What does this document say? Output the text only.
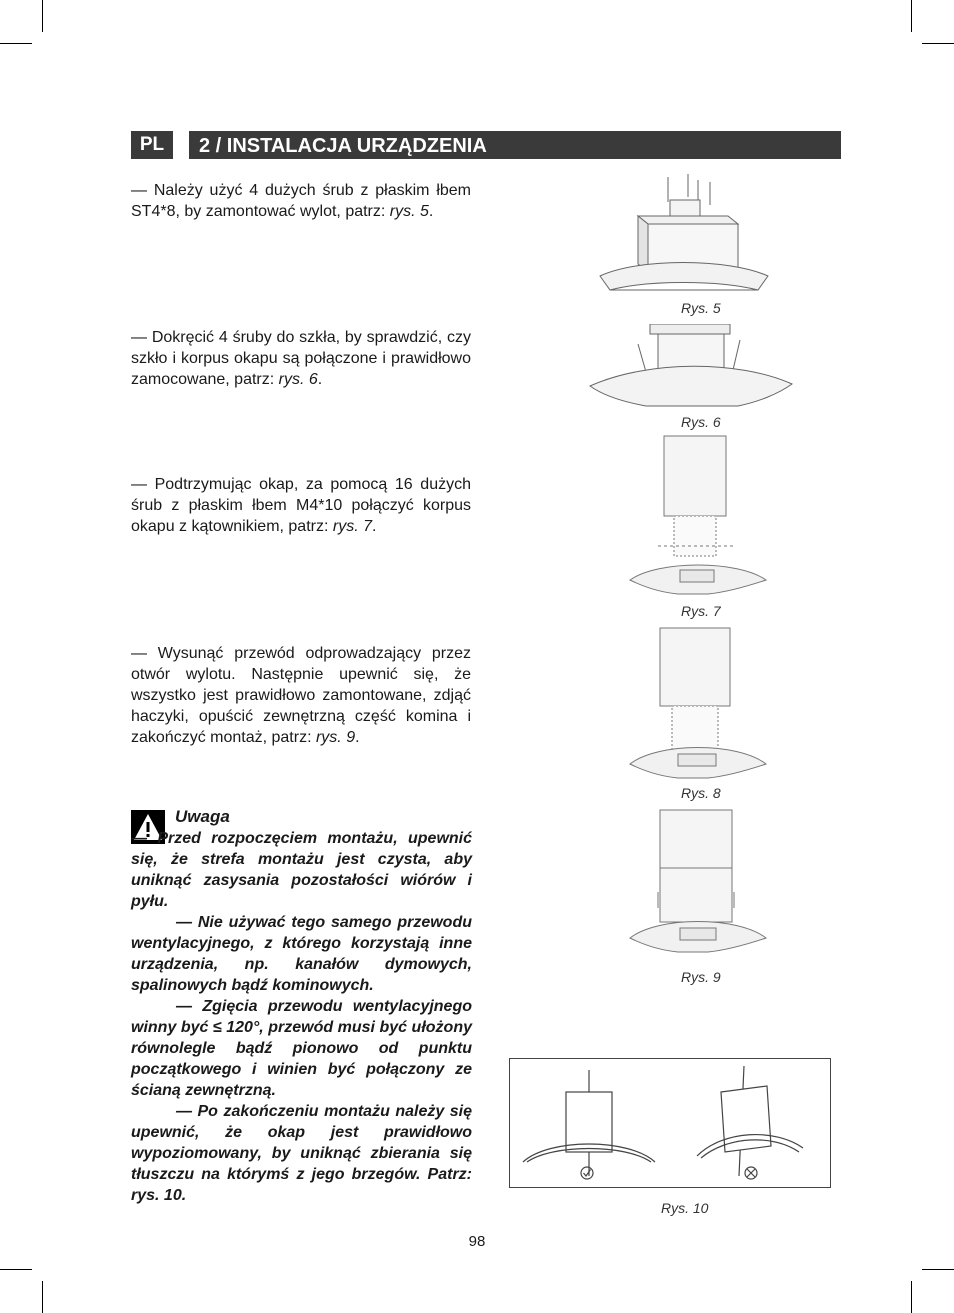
PL	2 / INSTALACJA URZĄDZENIA

— Należy użyć 4 dużych śrub z płaskim łbem ST4*8, by zamontować wylot, patrz: rys. 5.

— Dokręcić 4 śruby do szkła, by sprawdzić, czy szkło i korpus okapu są połączone i prawidłowo zamocowane, patrz: rys. 6.

— Podtrzymując okap, za pomocą 16 dużych śrub z płaskim łbem M4*10 połączyć korpus okapu z kątownikiem, patrz: rys. 7.

— Wysunąć przewód odprowadzający przez otwór wylotu. Następnie upewnić się, że wszystko jest prawidłowo zamontowane, zdjąć haczyki, opuścić zewnętrzną część komina i zakończyć montaż, patrz: rys. 9.

Uwaga

— Przed rozpoczęciem montażu, upewnić się, że strefa montażu jest czysta, aby uniknąć zasysania pozostałości wiórów i pyłu.

— Nie używać tego samego przewodu wentylacyjnego, z którego korzystają inne urządzenia, np. kanałów dymowych, spalinowych bądź kominowych.

— Zgięcia przewodu wentylacyjnego winny być ≤ 120°, przewód musi być ułożony równolegle bądź pionowo od punktu początkowego i winien być połączony ze ścianą zewnętrzną.

— Po zakończeniu montażu należy się upewnić, że okap jest prawidłowo wypoziomowany, by uniknąć zbierania się tłuszczu na którymś z jego brzegów. Patrz: rys. 10.

Rys. 5
Rys. 6
Rys. 7
Rys. 8
Rys. 9
Rys. 10
98
